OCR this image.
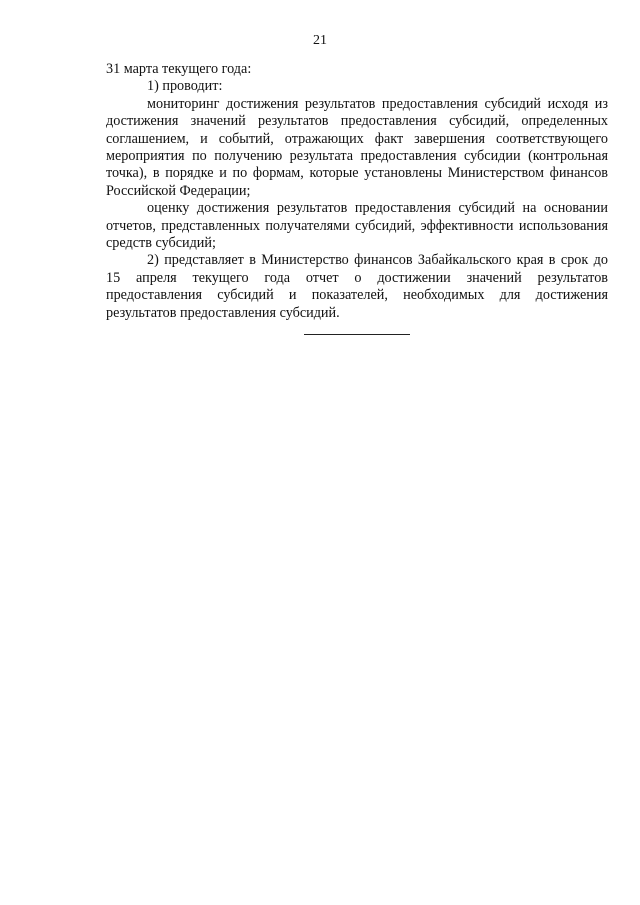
21

31 марта текущего года:

1) проводит:

мониторинг достижения результатов предоставления субсидий исходя из достижения значений результатов предоставления субсидий, определенных соглашением, и событий, отражающих факт завершения соответствующего мероприятия по получению результата предоставления субсидии (контрольная точка), в порядке и по формам, которые установлены Министерством финансов Российской Федерации;

оценку достижения результатов предоставления субсидий на основании отчетов, представленных получателями субсидий, эффективности использования средств субсидий;

2) представляет в Министерство финансов Забайкальского края в срок до 15 апреля текущего года отчет о достижении значений результатов предоставления субсидий и показателей, необходимых для достижения результатов предоставления субсидий.
